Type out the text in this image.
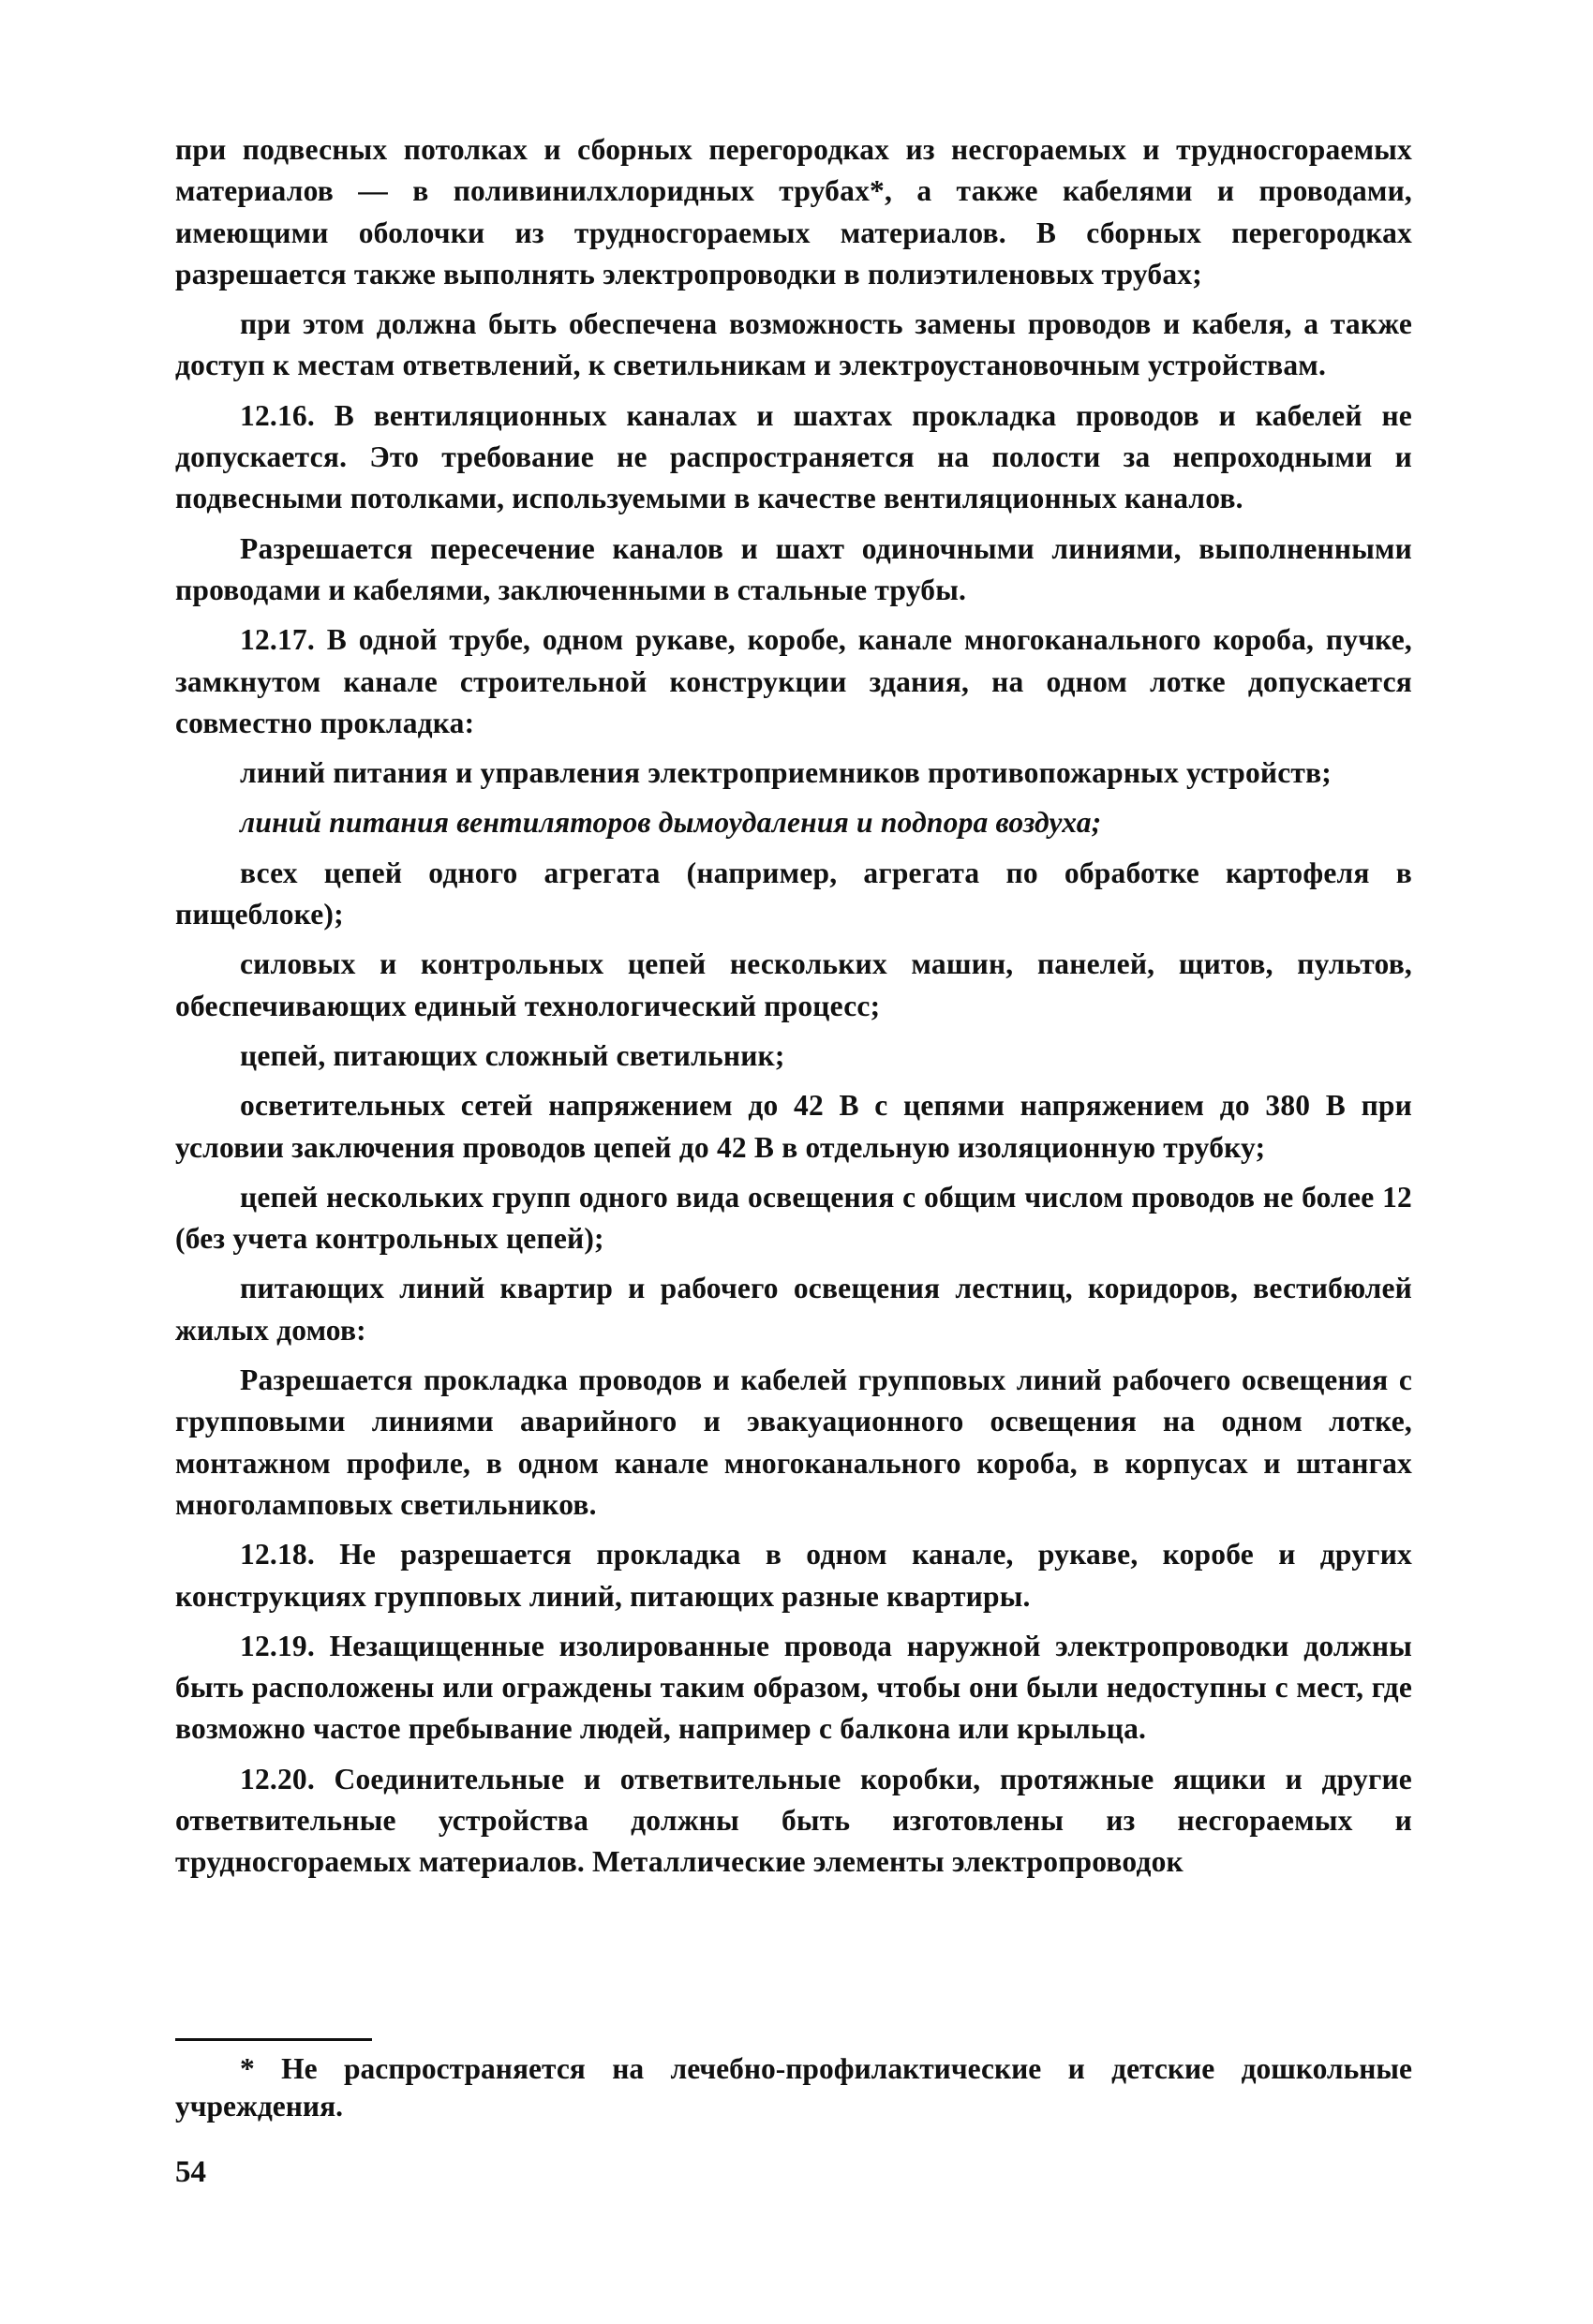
при подвесных потолках и сборных перегородках из несгораемых и трудносгораемых материалов — в поливинилхлоридных трубах*, а также кабелями и проводами, имеющими оболочки из трудносгораемых материалов. В сборных перегородках разрешается также выполнять электропроводки в полиэтиленовых трубах;

при этом должна быть обеспечена возможность замены проводов и кабеля, а также доступ к местам ответвлений, к светильникам и электроустановочным устройствам.

12.16. В вентиляционных каналах и шахтах прокладка проводов и кабелей не допускается. Это требование не распространяется на полости за непроходными и подвесными потолками, используемыми в качестве вентиляционных каналов.

Разрешается пересечение каналов и шахт одиночными линиями, выполненными проводами и кабелями, заключенными в стальные трубы.

12.17. В одной трубе, одном рукаве, коробе, канале многоканального короба, пучке, замкнутом канале строительной конструкции здания, на одном лотке допускается совместно прокладка:

линий питания и управления электроприемников противопожарных устройств;

линий питания вентиляторов дымоудаления и подпора воздуха;

всех цепей одного агрегата (например, агрегата по обработке картофеля в пищеблоке);

силовых и контрольных цепей нескольких машин, панелей, щитов, пультов, обеспечивающих единый технологический процесс;

цепей, питающих сложный светильник;

осветительных сетей напряжением до 42 В с цепями напряжением до 380 В при условии заключения проводов цепей до 42 В в отдельную изоляционную трубку;

цепей нескольких групп одного вида освещения с общим числом проводов не более 12 (без учета контрольных цепей);

питающих линий квартир и рабочего освещения лестниц, коридоров, вестибюлей жилых домов:

Разрешается прокладка проводов и кабелей групповых линий рабочего освещения с групповыми линиями аварийного и эвакуационного освещения на одном лотке, монтажном профиле, в одном канале многоканального короба, в корпусах и штангах многоламповых светильников.

12.18. Не разрешается прокладка в одном канале, рукаве, коробе и других конструкциях групповых линий, питающих разные квартиры.

12.19. Незащищенные изолированные провода наружной электропроводки должны быть расположены или ограждены таким образом, чтобы они были недоступны с мест, где возможно частое пребывание людей, например с балкона или крыльца.

12.20. Соединительные и ответвительные коробки, протяжные ящики и другие ответвительные устройства должны быть изготовлены из несгораемых и трудносгораемых материалов. Металлические элементы электропроводок

* Не распространяется на лечебно-профилактические и детские дошкольные учреждения.

54
